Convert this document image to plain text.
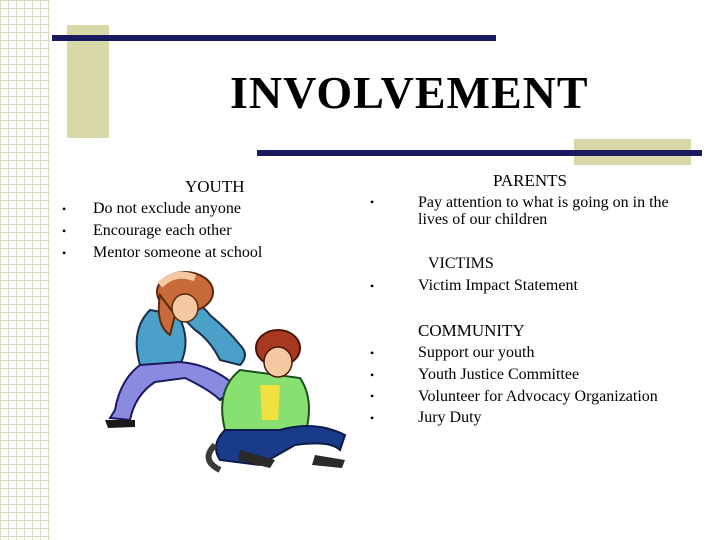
INVOLVEMENT
YOUTH
• Do not exclude anyone
• Encourage each other
• Mentor someone at school
PARENTS
• Pay attention to what is going on in the lives of our children
VICTIMS
• Victim Impact Statement
COMMUNITY
• Support our youth
• Youth Justice Committee
• Volunteer for Advocacy Organization
• Jury Duty
